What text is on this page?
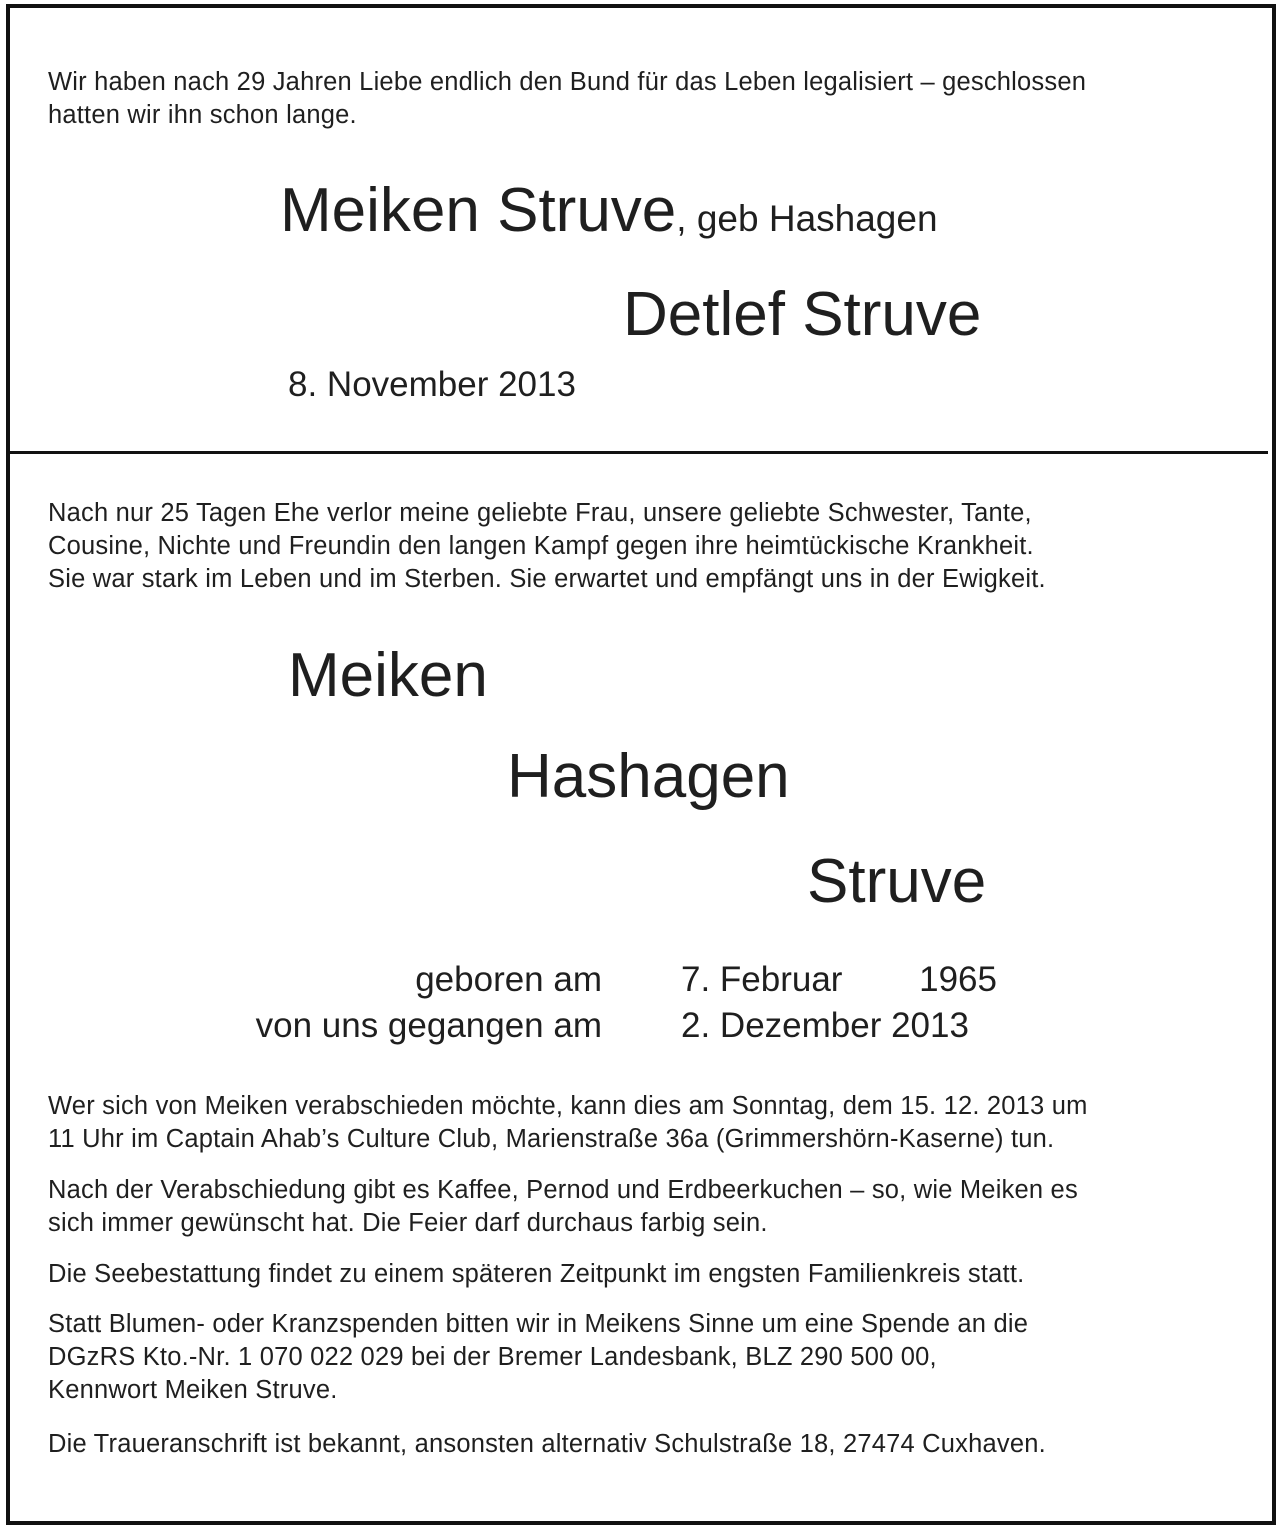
Wir haben nach 29 Jahren Liebe endlich den Bund für das Leben legalisiert – geschlossen
hatten wir ihn schon lange.
Meiken Struve, geb Hashagen
Detlef Struve
8. November 2013
Nach nur 25 Tagen Ehe verlor meine geliebte Frau, unsere geliebte Schwester, Tante,
Cousine, Nichte und Freundin den langen Kampf gegen ihre heimtückische Krankheit.
Sie war stark im Leben und im Sterben. Sie erwartet und empfängt uns in der Ewigkeit.
Meiken
Hashagen
Struve
geboren am 7. Februar 1965
von uns gegangen am 2. Dezember 2013
Wer sich von Meiken verabschieden möchte, kann dies am Sonntag, dem 15. 12. 2013 um
11 Uhr im Captain Ahab’s Culture Club, Marienstraße 36a (Grimmershörn-Kaserne) tun.
Nach der Verabschiedung gibt es Kaffee, Pernod und Erdbeerkuchen – so, wie Meiken es
sich immer gewünscht hat. Die Feier darf durchaus farbig sein.
Die Seebestattung findet zu einem späteren Zeitpunkt im engsten Familienkreis statt.
Statt Blumen- oder Kranzspenden bitten wir in Meikens Sinne um eine Spende an die
DGzRS Kto.-Nr. 1 070 022 029 bei der Bremer Landesbank, BLZ 290 500 00,
Kennwort Meiken Struve.
Die Traueranschrift ist bekannt, ansonsten alternativ Schulstraße 18, 27474 Cuxhaven.
